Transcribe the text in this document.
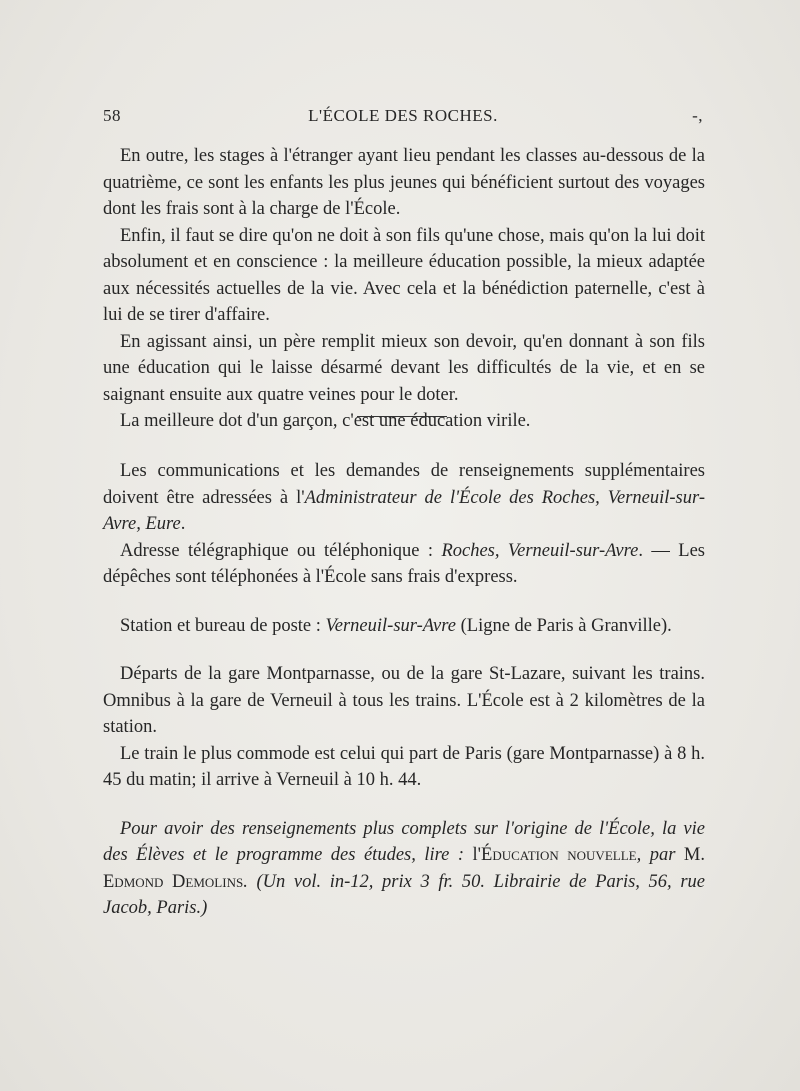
58	L'ÉCOLE DES ROCHES.	-,

En outre, les stages à l'étranger ayant lieu pendant les classes au-dessous de la quatrième, ce sont les enfants les plus jeunes qui bénéficient surtout des voyages dont les frais sont à la charge de l'École.

Enfin, il faut se dire qu'on ne doit à son fils qu'une chose, mais qu'on la lui doit absolument et en conscience : la meilleure éducation possible, la mieux adaptée aux nécessités actuelles de la vie. Avec cela et la bénédiction paternelle, c'est à lui de se tirer d'affaire.

En agissant ainsi, un père remplit mieux son devoir, qu'en donnant à son fils une éducation qui le laisse désarmé devant les difficultés de la vie, et en se saignant ensuite aux quatre veines pour le doter.

La meilleure dot d'un garçon, c'est une éducation virile.

Les communications et les demandes de renseignements supplémentaires doivent être adressées à l'Administrateur de l'École des Roches, Verneuil-sur-Avre, Eure.

Adresse télégraphique ou téléphonique : Roches, Verneuil-sur-Avre. — Les dépêches sont téléphonées à l'École sans frais d'express.

Station et bureau de poste : Verneuil-sur-Avre (Ligne de Paris à Granville).

Départs de la gare Montparnasse, ou de la gare St-Lazare, suivant les trains. Omnibus à la gare de Verneuil à tous les trains. L'École est à 2 kilomètres de la station.

Le train le plus commode est celui qui part de Paris (gare Montparnasse) à 8 h. 45 du matin; il arrive à Verneuil à 10 h. 44.

Pour avoir des renseignements plus complets sur l'origine de l'École, la vie des Élèves et le programme des études, lire : l'Éducation nouvelle, par M. Edmond Demolins. (Un vol. in-12, prix 3 fr. 50. Librairie de Paris, 56, rue Jacob, Paris.)
